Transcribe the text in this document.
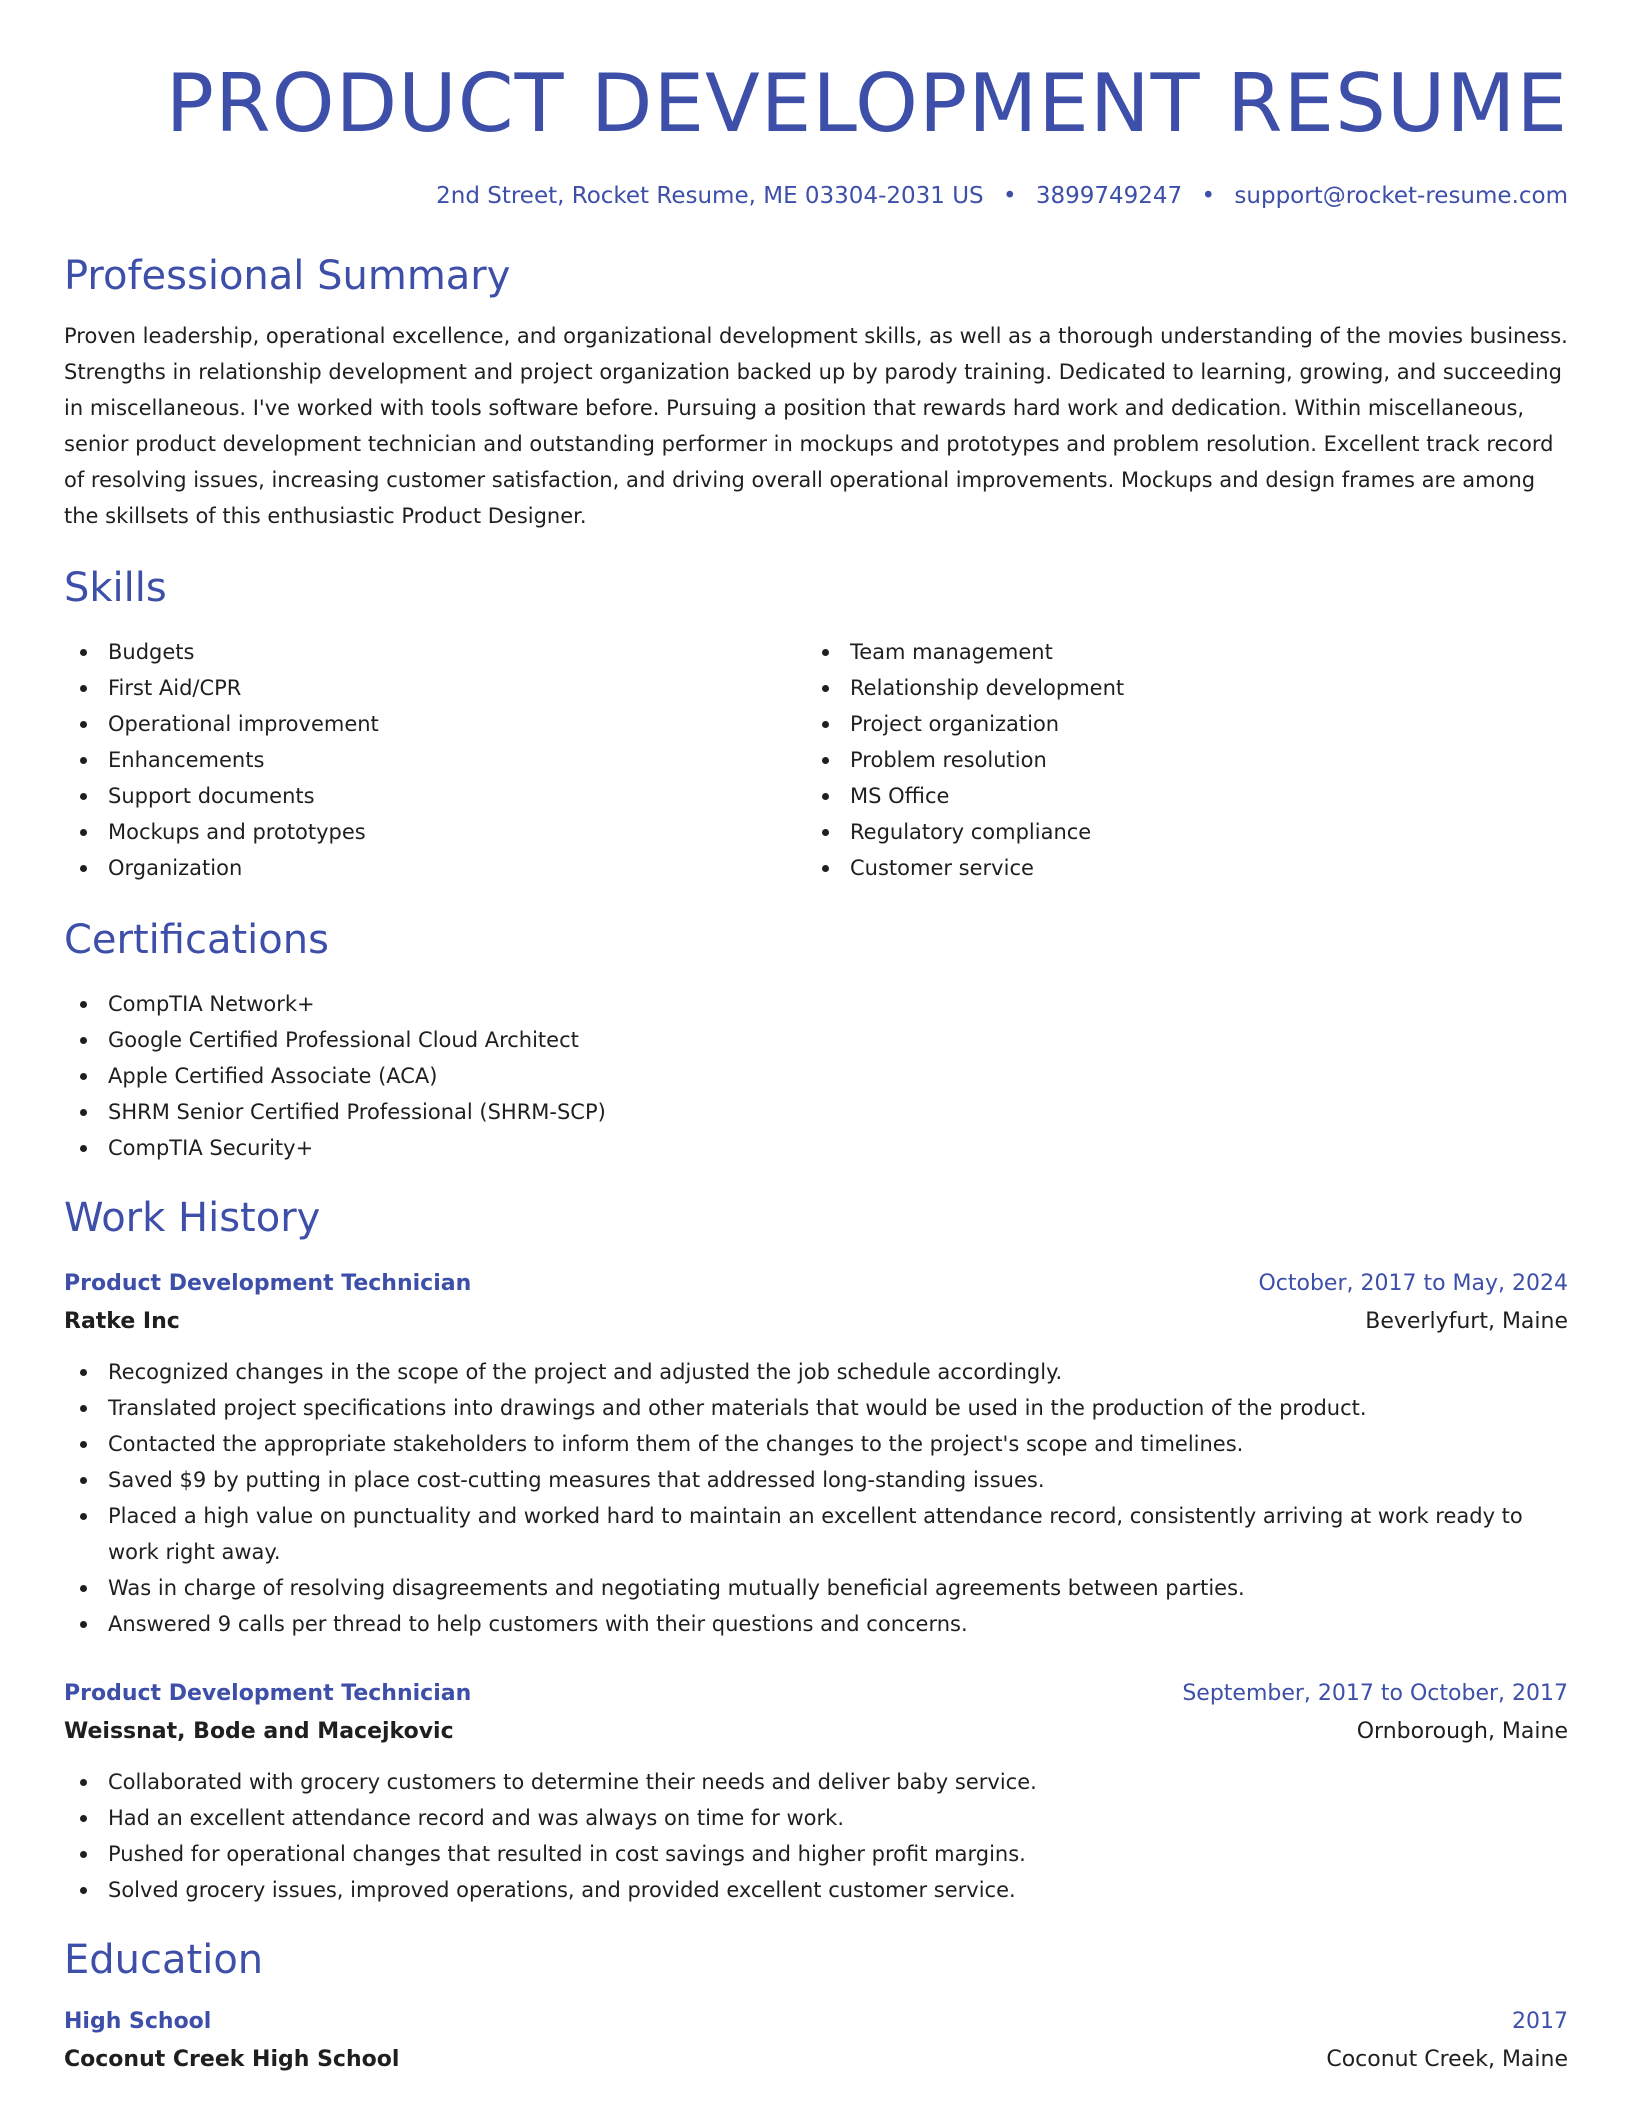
PRODUCT DEVELOPMENT RESUME
2nd Street, Rocket Resume, ME 03304-2031 US • 3899749247 • support@rocket-resume.com
Professional Summary

Proven leadership, operational excellence, and organizational development skills, as well as a thorough understanding of the movies business. Strengths in relationship development and project organization backed up by parody training. Dedicated to learning, growing, and succeeding in miscellaneous. I've worked with tools software before. Pursuing a position that rewards hard work and dedication. Within miscellaneous, senior product development technician and outstanding performer in mockups and prototypes and problem resolution. Excellent track record of resolving issues, increasing customer satisfaction, and driving overall operational improvements. Mockups and design frames are among the skillsets of this enthusiastic Product Designer.

Skills
Budgets
First Aid/CPR
Operational improvement
Enhancements
Support documents
Mockups and prototypes
Organization
Team management
Relationship development
Project organization
Problem resolution
MS Office
Regulatory compliance
Customer service
Certifications
CompTIA Network+
Google Certified Professional Cloud Architect
Apple Certified Associate (ACA)
SHRM Senior Certified Professional (SHRM-SCP)
CompTIA Security+
Work History
Product Development Technician	October, 2017 to May, 2024
Ratke Inc	Beverlyfurt, Maine
Recognized changes in the scope of the project and adjusted the job schedule accordingly.
Translated project specifications into drawings and other materials that would be used in the production of the product.
Contacted the appropriate stakeholders to inform them of the changes to the project's scope and timelines.
Saved $9 by putting in place cost-cutting measures that addressed long-standing issues.
Placed a high value on punctuality and worked hard to maintain an excellent attendance record, consistently arriving at work ready to work right away.
Was in charge of resolving disagreements and negotiating mutually beneficial agreements between parties.
Answered 9 calls per thread to help customers with their questions and concerns.
Product Development Technician	September, 2017 to October, 2017
Weissnat, Bode and Macejkovic	Ornborough, Maine
Collaborated with grocery customers to determine their needs and deliver baby service.
Had an excellent attendance record and was always on time for work.
Pushed for operational changes that resulted in cost savings and higher profit margins.
Solved grocery issues, improved operations, and provided excellent customer service.
Education
High School	2017
Coconut Creek High School	Coconut Creek, Maine
